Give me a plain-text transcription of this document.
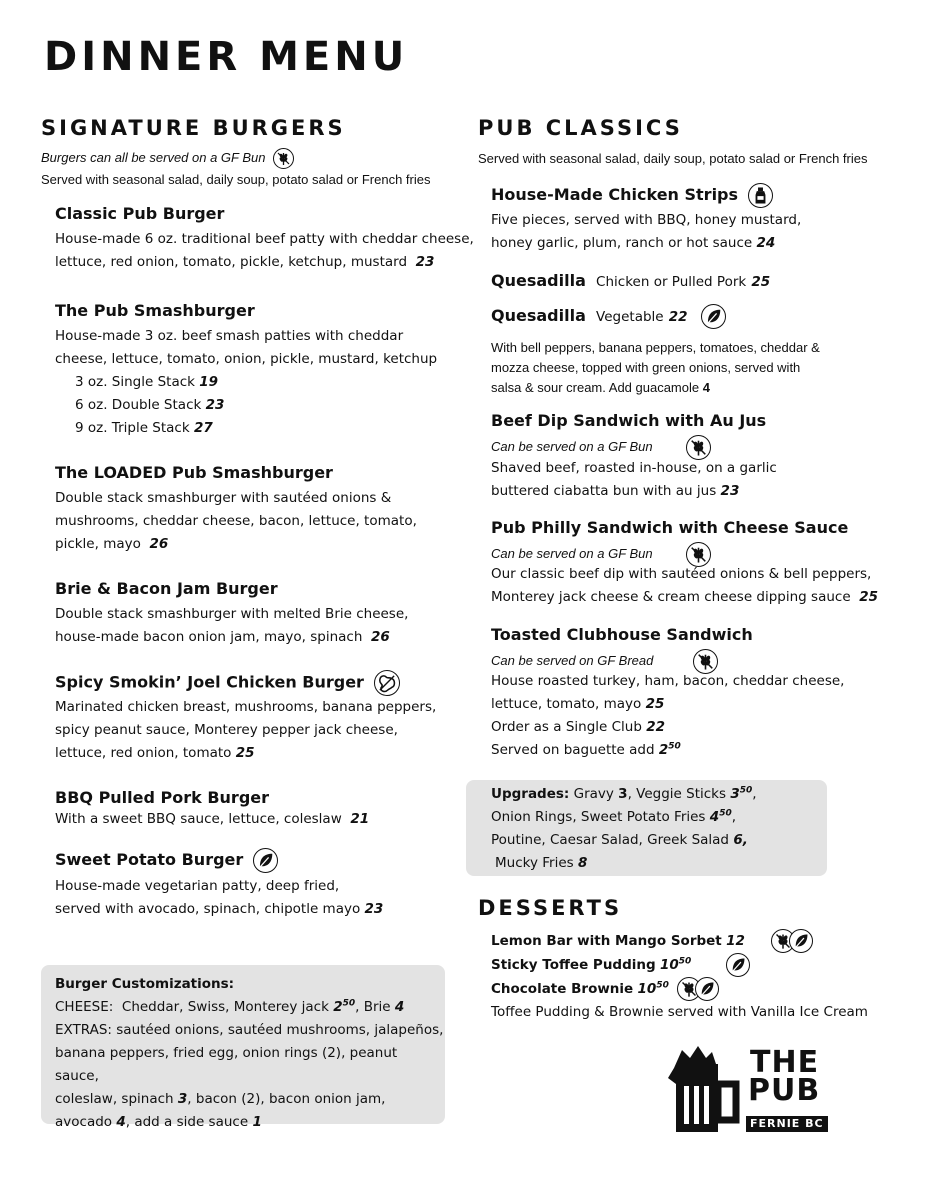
DINNER MENU
SIGNATURE BURGERS
Burgers can all be served on a GF Bun
Served with seasonal salad, daily soup, potato salad or French fries
Classic Pub Burger
House-made 6 oz. traditional beef patty with cheddar cheese,
lettuce, red onion, tomato, pickle, ketchup, mustard 23
The Pub Smashburger
House-made 3 oz. beef smash patties with cheddar
cheese, lettuce, tomato, onion, pickle, mustard, ketchup
3 oz. Single Stack 19
6 oz. Double Stack 23
9 oz. Triple Stack 27
The LOADED Pub Smashburger
Double stack smashburger with sautéed onions &
mushrooms, cheddar cheese, bacon, lettuce, tomato,
pickle, mayo 26
Brie & Bacon Jam Burger
Double stack smashburger with melted Brie cheese,
house-made bacon onion jam, mayo, spinach 26
Spicy Smokin’ Joel Chicken Burger
Marinated chicken breast, mushrooms, banana peppers,
spicy peanut sauce, Monterey pepper jack cheese,
lettuce, red onion, tomato 25
BBQ Pulled Pork Burger
With a sweet BBQ sauce, lettuce, coleslaw 21
Sweet Potato Burger
House-made vegetarian patty, deep fried,
served with avocado, spinach, chipotle mayo 23
Burger Customizations:
CHEESE: Cheddar, Swiss, Monterey jack $2^{50}$, Brie 4
EXTRAS: sautéed onions, sautéed mushrooms, jalapeños,
banana peppers, fried egg, onion rings (2), peanut sauce,
coleslaw, spinach 3, bacon (2), bacon onion jam,
avocado 4, add a side sauce 1
PUB CLASSICS
Served with seasonal salad, daily soup, potato salad or French fries
House-Made Chicken Strips
Five pieces, served with BBQ, honey mustard,
honey garlic, plum, ranch or hot sauce 24
Quesadilla Chicken or Pulled Pork 25
Quesadilla Vegetable 22
With bell peppers, banana peppers, tomatoes, cheddar &
mozza cheese, topped with green onions, served with
salsa & sour cream. Add guacamole 4
Beef Dip Sandwich with Au Jus
Can be served on a GF Bun
Shaved beef, roasted in-house, on a garlic
buttered ciabatta bun with au jus 23
Pub Philly Sandwich with Cheese Sauce
Can be served on a GF Bun
Our classic beef dip with sautéed onions & bell peppers,
Monterey jack cheese & cream cheese dipping sauce 25
Toasted Clubhouse Sandwich
Can be served on GF Bread
House roasted turkey, ham, bacon, cheddar cheese,
lettuce, tomato, mayo 25
Order as a Single Club 22
Served on baguette add $2^{50}$
Upgrades: Gravy 3, Veggie Sticks $3^{50}$,
Onion Rings, Sweet Potato Fries $4^{50}$,
Poutine, Caesar Salad, Greek Salad 6,
Mucky Fries 8
DESSERTS
Lemon Bar with Mango Sorbet 12
Sticky Toffee Pudding $10^{50}$
Chocolate Brownie $10^{50}$
Toffee Pudding & Brownie served with Vanilla Ice Cream
THE
PUB
FERNIE BC
